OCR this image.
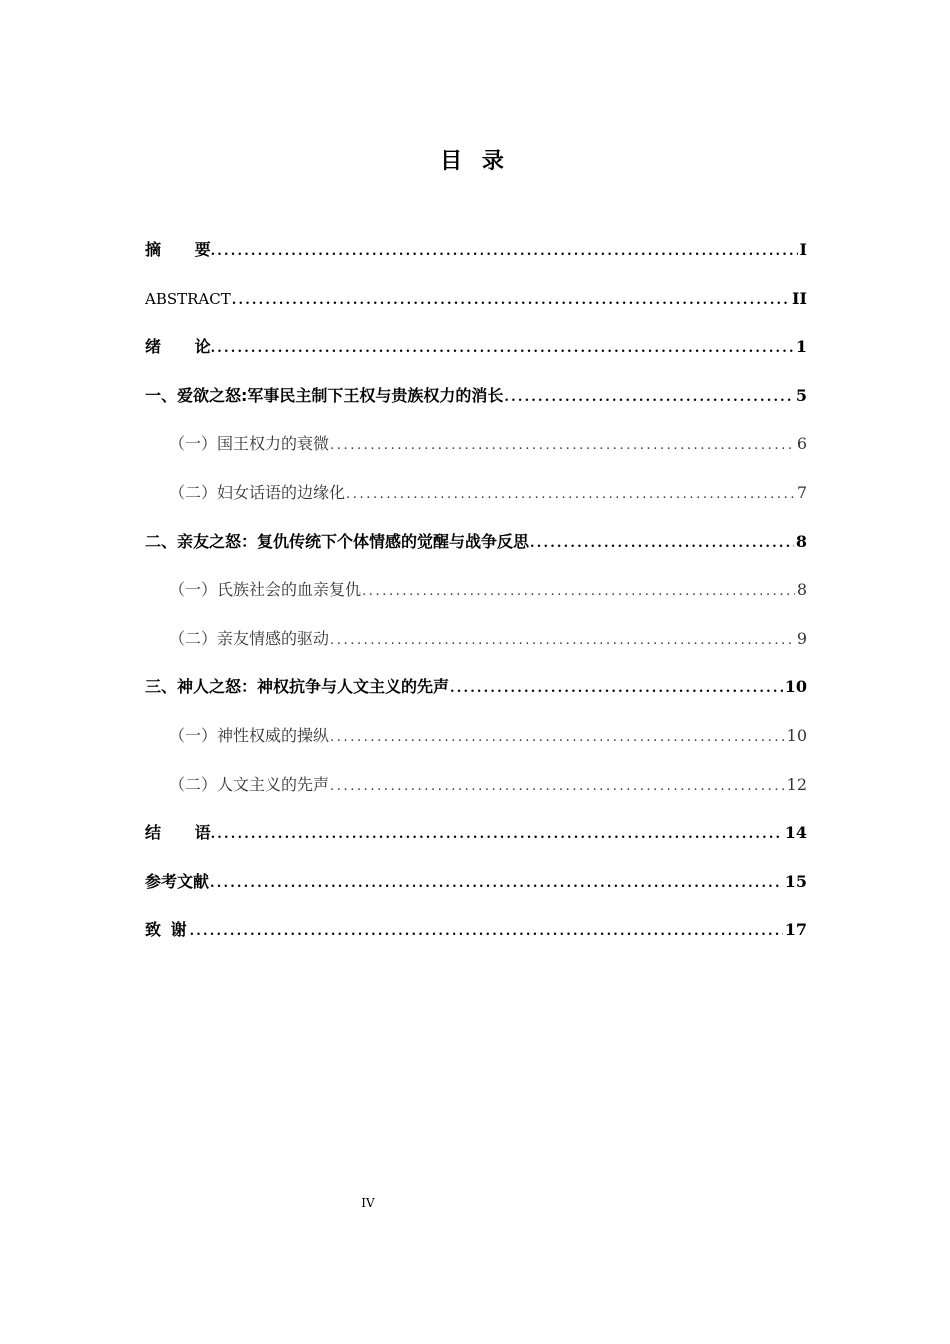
目 录
摘 要 .....	I
ABSTRACT .....	II
绪 论 .....	1
一、爱欲之怒:军事民主制下王权与贵族权力的消长 .....	5
（一）国王权力的衰微 .....	6
（二）妇女话语的边缘化 .....	7
二、亲友之怒：复仇传统下个体情感的觉醒与战争反思 .....	8
（一）氏族社会的血亲复仇 .....	8
（二）亲友情感的驱动 .....	9
三、神人之怒：神权抗争与人文主义的先声 .....	10
（一）神性权威的操纵 .....	10
（二）人文主义的先声 .....	12
结 语 .....	14
参考文献 .....	15
致 谢 .....	17
IV
